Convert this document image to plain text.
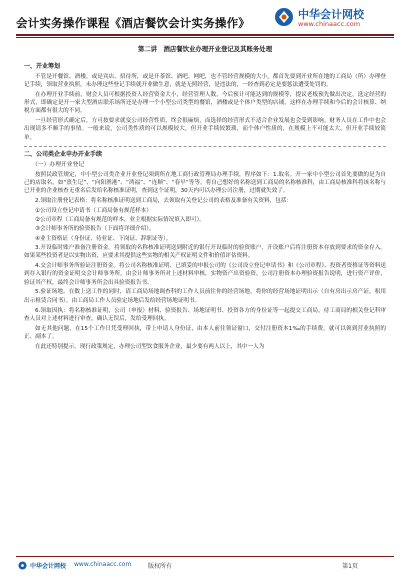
会计实务操作课程《酒店餐饮会计实务操作》
中华会计网校
www.chinaacc.com
第二讲　酒店餐饮业办理开业登记及其账务处理
一、开业筹划

不管是开餐馆、酒楼，或是宾店、招待所，或是开茶馆、酒吧、网吧，也不管经营规模的大小，都首先要到开业所在地的工商局（所）办理登记手续，领取营业执照，未办理这些登记手续就开业做生意，就是无照经营，是违法的，一经查到必定是要惩法遭受处罚的。

在办理开业手续前，财会人员可根据投资人经营资金大小，经营管理人数，今后预计可能达到的规模等，提议老板预先做出决定，选定经营的形式，即确定是开一家大型酒店联乐场所还是办理一个小型公司类型的餐馆，酒楼或是个体户类型的店铺，这样在办理手续和今后的会计核算、纳税方面都有很大的不同。

一旦经营形式确定后，方可按要求就变公司经营性质，终会很麻烦，而选择的经营形式不适合企业发展也会受到影响。财务人员在工作中也会出现请多不顺手的事情。一般来说，公司类性质的可以规模较大，但开业手续较繁琐，而个体户性质的，在规模上不可能太大，但开业手续较简单。

二、公司类企业申办开业手续
（一）办理开业登记

按照民政管规定，中小型公司类企业开业登记须到所在地工商行政管理局办理手续，程序如下：1.取名。开一家中小型公司首先要做的是为自己的店取名，如“熹生记”、“向阳渔港”、“鸿福”、“连顺”、“春早”等等。将自己想好的名称送到工商局的名称核准科，由工商局核准科将该名称与已开业的企业核查无重名后发给名称核准证明，查到这个证明，30天内可以办理公司注册，过期就失效了。

2.领取注册登记表格：将名称核准证明送到工商局，去领取有关登记公司的表格及准备有关资料，包括：

①公司设立登记申请书（工商局备有规范样本）
②公司章程（工商局备有规范的样本，业主根据实际情况填入即可）。
③会计师事务所的验资报告（下面将详细介绍）。
④业主资格证（身份证、待业证、下岗证、辞职证等）。

3.开设临时账户准备注册资金。将领取的名称核准证明送到附近的银行开设临时的验资账户，开设账户后将注册资本存放到要求的资金存入。如果某些投资者是以实物出资，应要求其提供这些实物的相关产权证明文件和价值评估资料。

4.交会计师事务所验证注册资金。将公司名称核准证明、已填妥的申报公司的《公司设立登记申请书》和《公司章程》、投资者资格证等资料送到存入银行的资金证明交会计师事务所，由会计师事务所对上述材料审核，实物资产出资验资，公司注册资本办理验资报告说明，进行资产评价，验证其产权，最终会计师事务所会出具验资报告书。

5.验证场地。在数上送工作的同时，请工商局场地调查科的工作人员前往你的经营场地，将你的经营场地证明出示（自有房出示房产证，租用出示租赁合同书），由工商局工作人员验定场地后发给经营场地证明书。

6.领取因执：将名称核准证明，公司（申报）材料、验资报告、场地证明书、投资各方的身份证等一起提交工商局，待工商局的相关登记科审查人员对上述材料进行审查，确认无误后，发给受理回执。

如无其他问题，在15个工作日凭受理回执，带上申请人身份证，由本人前往领证窗口，交付注册资本1‰的手续费，就可以领到营业执照的正、副本了。

在此还特别提示，现行政策规定，办理公司型饮食服务企业，最少要有两人以上，其中一人为

中华会计网校 www.chinaacc.com	版权所有	第1页
